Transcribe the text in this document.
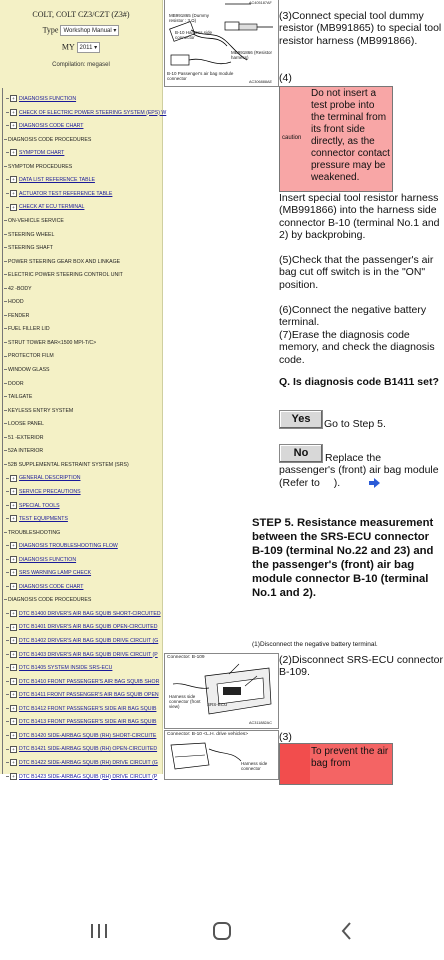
COLT, COLT CZ3/CZT (Z3#)
Type Workshop Manual ▾
MY 2011 ▾
Compilation: megasel
+ DIAGNOSIS FUNCTION
+ CHECK OF ELECTRIC POWER STEERING SYSTEM (EPS) W
+ DIAGNOSIS CODE CHART
DIAGNOSIS CODE PROCEDURES
+ SYMPTOM CHART
SYMPTOM PROCEDURES
+ DATA LIST REFERENCE TABLE
+ ACTUATOR TEST REFERENCE TABLE
+ CHECK AT ECU TERMINAL
ON-VEHICLE SERVICE
STEERING WHEEL
STEERING SHAFT
POWER STEERING GEAR BOX AND LINKAGE
ELECTRIC POWER STEERING CONTROL UNIT
42 -BODY
HOOD
FENDER
FUEL FILLER LID
STRUT TOWER BAR<1500 MPI-T/C>
PROTECTOR FILM
WINDOW GLASS
DOOR
TAILGATE
KEYLESS ENTRY SYSTEM
LOOSE PANEL
51 -EXTERIOR
52A INTERIOR
52B SUPPLEMENTAL RESTRAINT SYSTEM (SRS)
+ GENERAL DESCRIPTION
+ SERVICE PRECAUTIONS
+ SPECIAL TOOLS
+ TEST EQUIPMENTS
TROUBLESHOOTING
+ DIAGNOSIS TROUBLESHOOTING FLOW
+ DIAGNOSIS FUNCTION
+ SRS WARNING LAMP CHECK
+ DIAGNOSIS CODE CHART
DIAGNOSIS CODE PROCEDURES
+ DTC B1400 DRIVER'S AIR BAG SQUIB SHORT-CIRCUITED
+ DTC B1401 DRIVER'S AIR BAG SQUIB OPEN-CIRCUITED
+ DTC B1402 DRIVER'S AIR BAG SQUIB DRIVE CIRCUIT (G
+ DTC B1403 DRIVER'S AIR BAG SQUIB DRIVE CIRCUIT (P
+ DTC B1405 SYSTEM INSIDE SRS-ECU
+ DTC B1410 FRONT PASSENGER'S AIR BAG SQUIB SHOR
+ DTC B1411 FRONT PASSENGER'S AIR BAG SQUIB OPEN
+ DTC B1412 FRONT PASSENGER'S SIDE AIR BAG SQUIB
+ DTC B1413 FRONT PASSENGER'S SIDE AIR BAG SQUIB
+ DTC B1420 SIDE-AIRBAG SQUIB (RH) SHORT-CIRCUITE
+ DTC B1421 SIDE-AIRBAG SQUIB (RH) OPEN-CIRCUITED
+ DTC B1422 SIDE-AIRBAG SQUIB (RH) DRIVE CIRCUIT (G
+ DTC B1423 SIDE-AIRBAG SQUIB (RH) DRIVE CIRCUIT (P
MB991865 (Dummy resistor : 3 Ω)
B-10 Harness side connector
MB991866 (Resistor harness)
B-10 Passenger's air bag module connector
AC306888AE
AC405187AF
(3)Connect special tool dummy resistor (MB991865) to special tool resistor harness (MB991866).
(4)
caution
Do not insert a test probe into the terminal from its front side directly, as the connector contact pressure may be weakened.
Insert special tool resistor harness (MB991866) into the harness side connector B-10 (terminal No.1 and 2) by backprobing.
(5)Check that the passenger's air bag cut off switch is in the "ON" position.
(6)Connect the negative battery terminal.
(7)Erase the diagnosis code memory, and check the diagnosis code.
Q. Is diagnosis code B1411 set?
Yes	Go to Step 5.
No	Replace the passenger's (front) air bag module (Refer to ).
STEP 5. Resistance measurement between the SRS-ECU connector B-109 (terminal No.22 and 23) and the passenger's (front) air bag module connector B-10 (terminal No.1 and 2).
(1)Disconnect the negative battery terminal.
Connector: B-109
Harness side connector (front view)	SRS-ECU
AC311882AC
(2)Disconnect SRS-ECU connector B-109.
Connector: B-10 <L.H. drive vehicles>
Harness side connector
(3)
To prevent the air bag from
